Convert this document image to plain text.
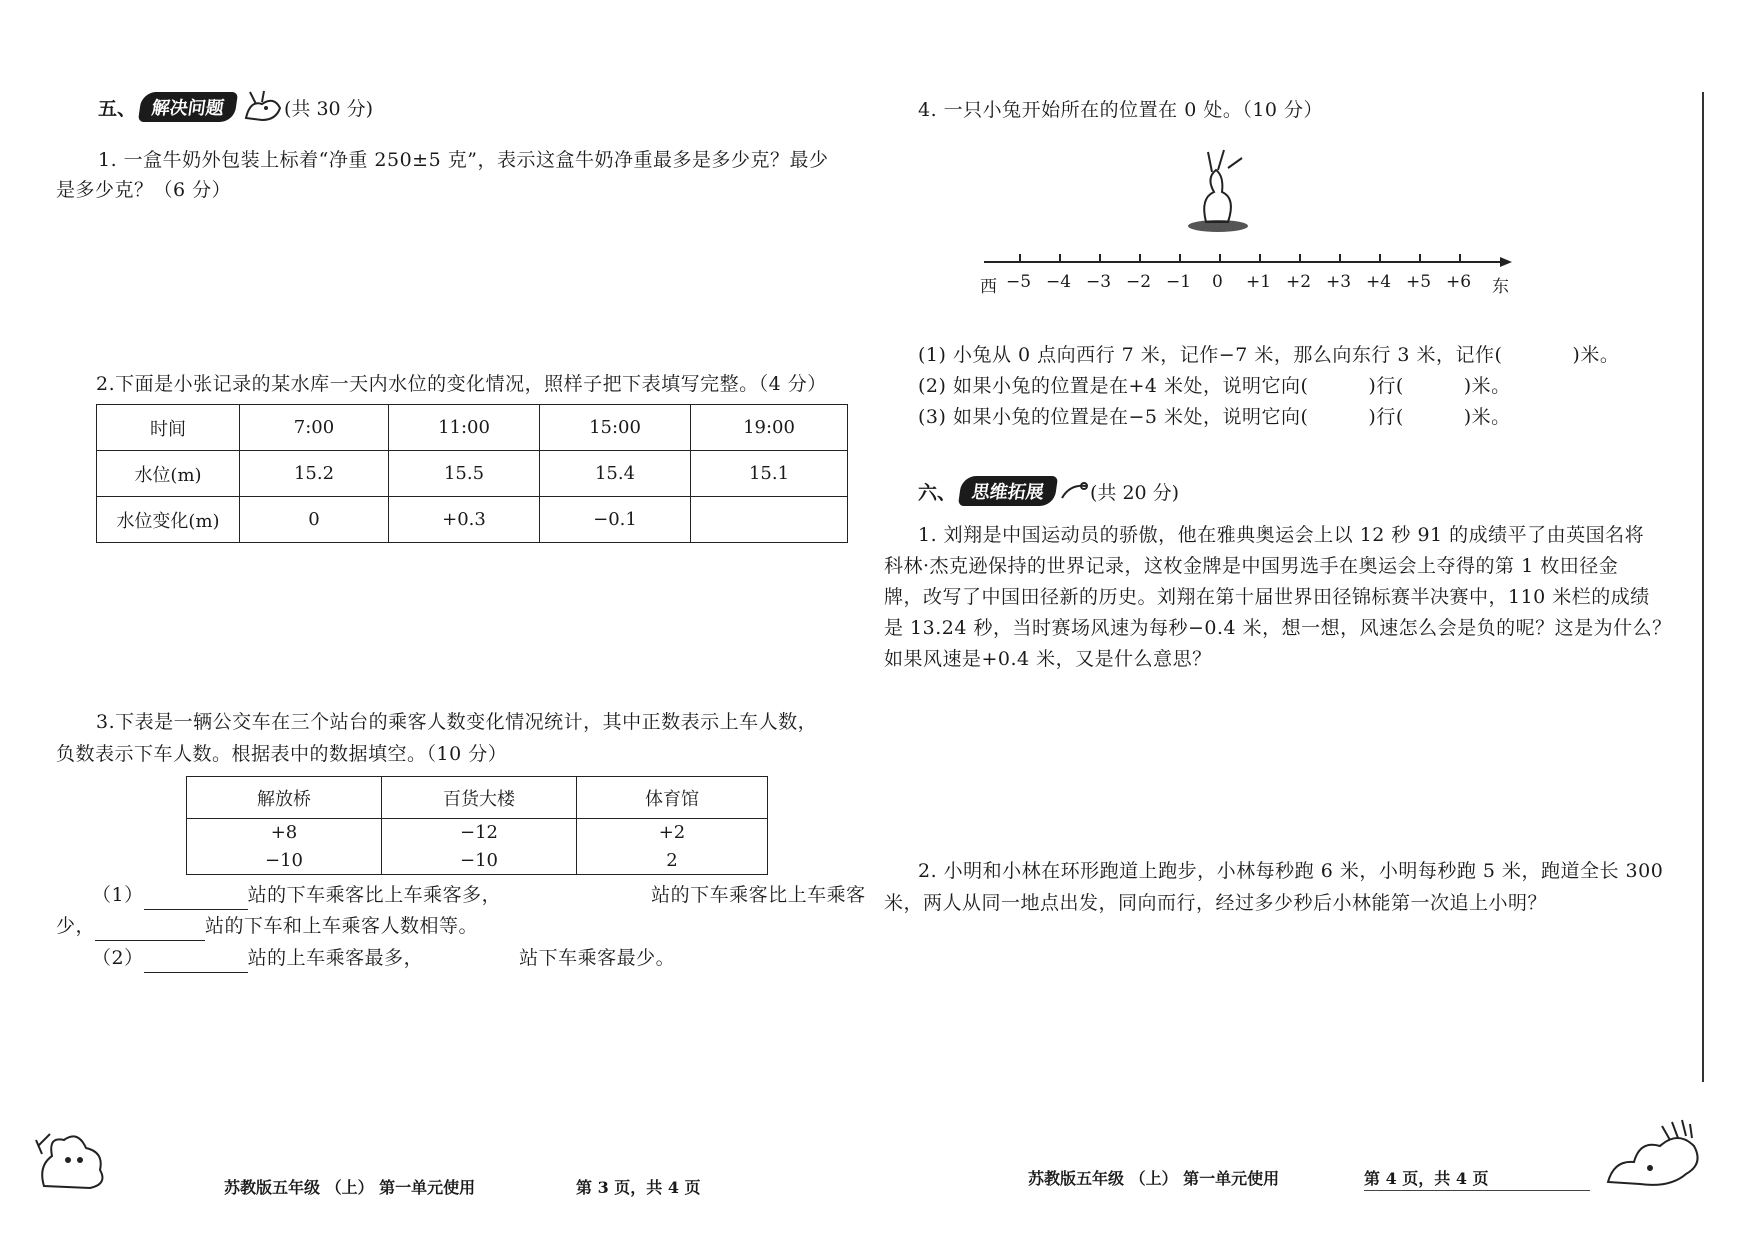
五、 解决问题	(共 30 分)
1. 一盒牛奶外包装上标着“净重 250±5 克”，表示这盒牛奶净重最多是多少克？最少
是多少克？（6 分）
2.下面是小张记录的某水库一天内水位的变化情况，照样子把下表填写完整。（4 分）
时间	7:00	11:00	15:00	19:00
水位(m)	15.2	15.5	15.4	15.1
水位变化(m)	0	+0.3	−0.1	
3.下表是一辆公交车在三个站台的乘客人数变化情况统计，其中正数表示上车人数，
负数表示下车人数。根据表中的数据填空。（10 分）
解放桥	百货大楼	体育馆
+8	−12	+2
−10	−10	2
（1）	站的下车乘客比上车乘客多，	站的下车乘客比上车乘客
少，	站的下车和上车乘客人数相等。
（2）	站的上车乘客最多，	站下车乘客最少。
苏教版五年级 （上） 第一单元使用	第 3 页，共 4 页
4. 一只小兔开始所在的位置在 0 处。（10 分）
西 −5 −4 −3 −2 −1 0 +1 +2 +3 +4 +5 +6 东
(1) 小兔从 0 点向西行 7 米，记作−7 米，那么向东行 3 米，记作(	)米。
(2) 如果小兔的位置是在+4 米处，说明它向(	)行(	)米。
(3) 如果小兔的位置是在−5 米处，说明它向(	)行(	)米。
六、 思维拓展	(共 20 分)
1. 刘翔是中国运动员的骄傲，他在雅典奥运会上以 12 秒 91 的成绩平了由英国名将
科林·杰克逊保持的世界记录，这枚金牌是中国男选手在奥运会上夺得的第 1 枚田径金
牌，改写了中国田径新的历史。刘翔在第十届世界田径锦标赛半决赛中，110 米栏的成绩
是 13.24 秒，当时赛场风速为每秒−0.4 米，想一想，风速怎么会是负的呢？这是为什么？
如果风速是+0.4 米，又是什么意思？
2. 小明和小林在环形跑道上跑步，小林每秒跑 6 米，小明每秒跑 5 米，跑道全长 300
米，两人从同一地点出发，同向而行，经过多少秒后小林能第一次追上小明？
苏教版五年级 （上） 第一单元使用	第 4 页，共 4 页
